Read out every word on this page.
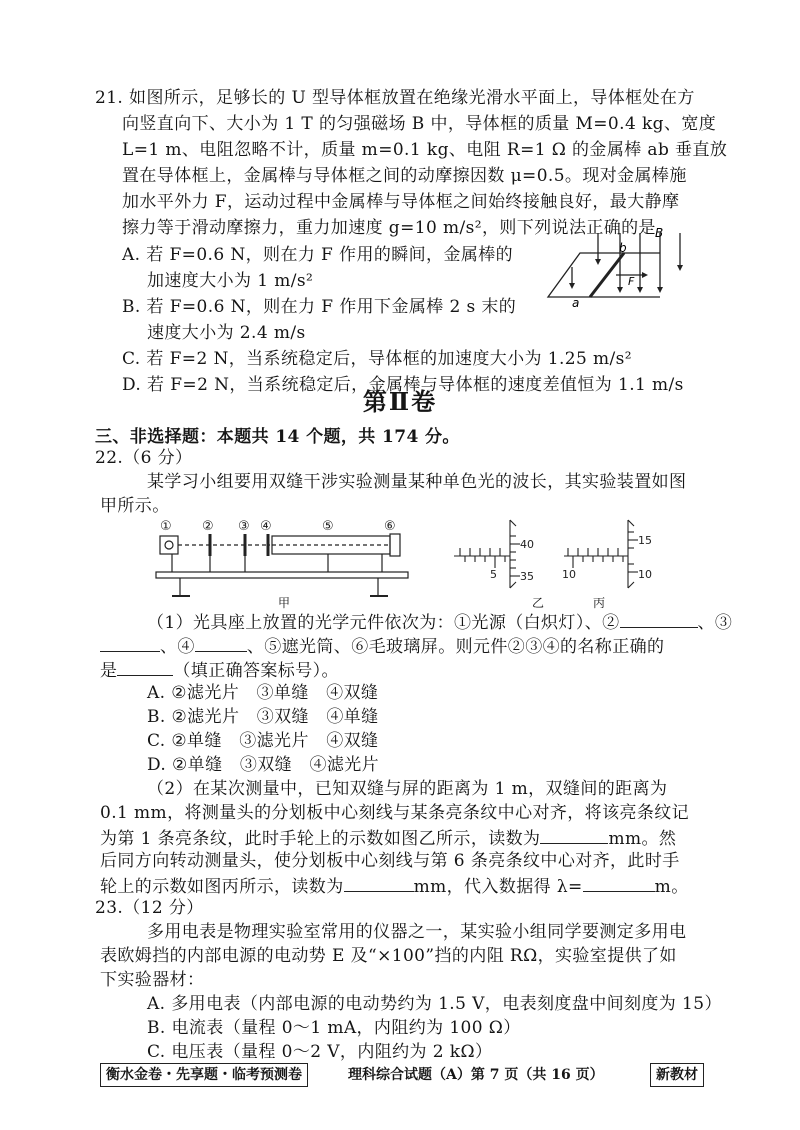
21. 如图所示，足够长的 U 型导体框放置在绝缘光滑水平面上，导体框处在方
向竖直向下、大小为 1 T 的匀强磁场 B 中，导体框的质量 M=0.4 kg、宽度
L=1 m、电阻忽略不计，质量 m=0.1 kg、电阻 R=1 Ω 的金属棒 ab 垂直放
置在导体框上，金属棒与导体框之间的动摩擦因数 μ=0.5。现对金属棒施
加水平外力 F，运动过程中金属棒与导体框之间始终接触良好，最大静摩
擦力等于滑动摩擦力，重力加速度 g=10 m/s²，则下列说法正确的是
A. 若 F=0.6 N，则在力 F 作用的瞬间，金属棒的
加速度大小为 1 m/s²
B. 若 F=0.6 N，则在力 F 作用下金属棒 2 s 末的
速度大小为 2.4 m/s
C. 若 F=2 N，当系统稳定后，导体框的加速度大小为 1.25 m/s²
D. 若 F=2 N，当系统稳定后，金属棒与导体框的速度差值恒为 1.1 m/s
b
a
B
F
第Ⅱ卷
三、非选择题：本题共 14 个题，共 174 分。
22.（6 分）
某学习小组要用双缝干涉实验测量某种单色光的波长，其实验装置如图
甲所示。
① ② ③ ④	⑤	⑥
甲
40
5 35
乙
15
10	10
丙
（1）光具座上放置的光学元件依次为：①光源（白炽灯）、②	、③
、④	、⑤遮光筒、⑥毛玻璃屏。则元件②③④的名称正确的
是	（填正确答案标号）。
A. ②滤光片　③单缝　④双缝
B. ②滤光片　③双缝　④单缝
C. ②单缝　③滤光片　④双缝
D. ②单缝　③双缝　④滤光片
（2）在某次测量中，已知双缝与屏的距离为 1 m，双缝间的距离为
0.1 mm，将测量头的分划板中心刻线与某条亮条纹中心对齐，将该亮条纹记
为第 1 条亮条纹，此时手轮上的示数如图乙所示，读数为	mm。然
后同方向转动测量头，使分划板中心刻线与第 6 条亮条纹中心对齐，此时手
轮上的示数如图丙所示，读数为	mm，代入数据得 λ=	m。
23.（12 分）
多用电表是物理实验室常用的仪器之一，某实验小组同学要测定多用电
表欧姆挡的内部电源的电动势 E 及“×100”挡的内阻 RΩ，实验室提供了如
下实验器材：
A. 多用电表（内部电源的电动势约为 1.5 V，电表刻度盘中间刻度为 15）
B. 电流表（量程 0～1 mA，内阻约为 100 Ω）
C. 电压表（量程 0～2 V，内阻约为 2 kΩ）
衡水金卷・先享题・临考预测卷	理科综合试题（A）第 7 页（共 16 页）	新教材
